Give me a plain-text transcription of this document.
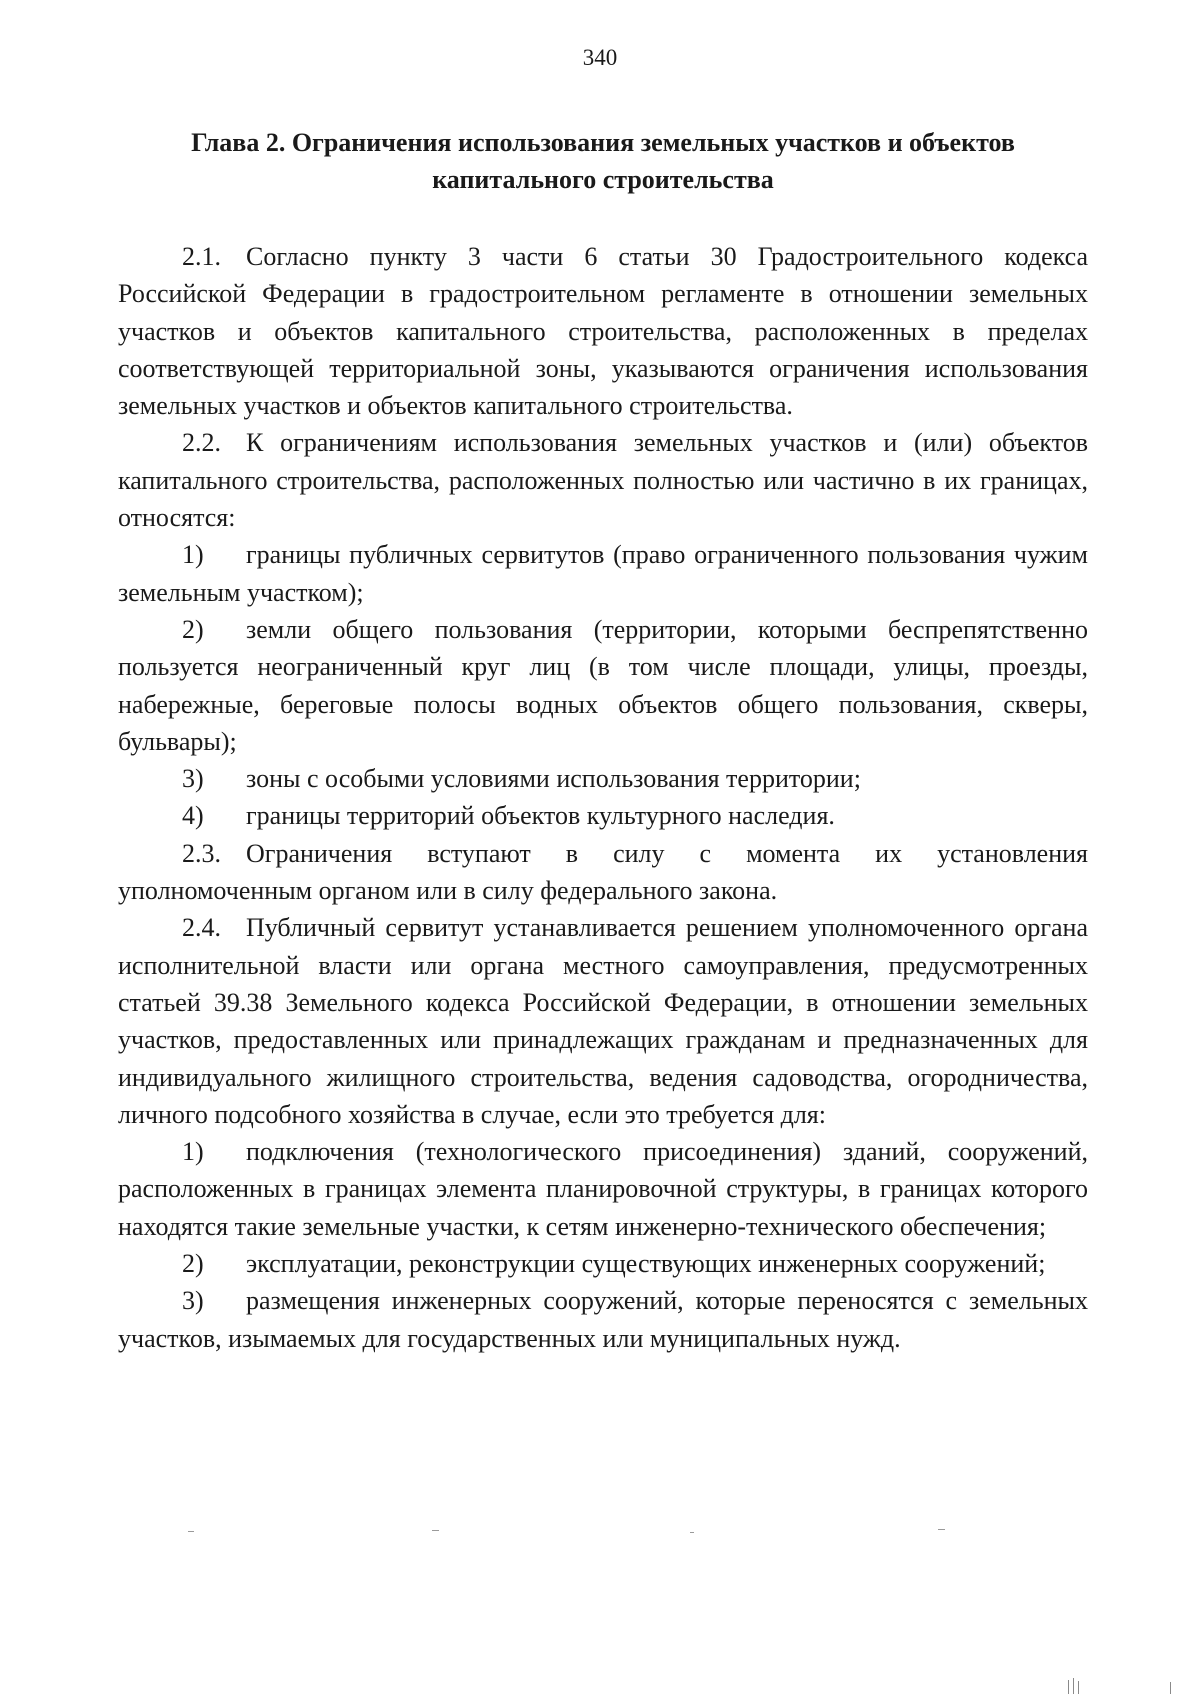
340
Глава 2. Ограничения использования земельных участков и объектов капитального строительства

2.1. Согласно пункту 3 части 6 статьи 30 Градостроительного кодекса Российской Федерации в градостроительном регламенте в отношении земельных участков и объектов капитального строительства, расположенных в пределах соответствующей территориальной зоны, указываются ограничения использования земельных участков и объектов капитального строительства.

2.2. К ограничениям использования земельных участков и (или) объектов капитального строительства, расположенных полностью или частично в их границах, относятся:

1) границы публичных сервитутов (право ограниченного пользования чужим земельным участком);

2) земли общего пользования (территории, которыми беспрепятственно пользуется неограниченный круг лиц (в том числе площади, улицы, проезды, набережные, береговые полосы водных объектов общего пользования, скверы, бульвары);

3) зоны с особыми условиями использования территории;

4) границы территорий объектов культурного наследия.

2.3. Ограничения вступают в силу с момента их установления уполномоченным органом или в силу федерального закона.

2.4. Публичный сервитут устанавливается решением уполномоченного органа исполнительной власти или органа местного самоуправления, предусмотренных статьей 39.38 Земельного кодекса Российской Федерации, в отношении земельных участков, предоставленных или принадлежащих гражданам и предназначенных для индивидуального жилищного строительства, ведения садоводства, огородничества, личного подсобного хозяйства в случае, если это требуется для:

1) подключения (технологического присоединения) зданий, сооружений, расположенных в границах элемента планировочной структуры, в границах которого находятся такие земельные участки, к сетям инженерно-технического обеспечения;

2) эксплуатации, реконструкции существующих инженерных сооружений;

3) размещения инженерных сооружений, которые переносятся с земельных участков, изымаемых для государственных или муниципальных нужд.
